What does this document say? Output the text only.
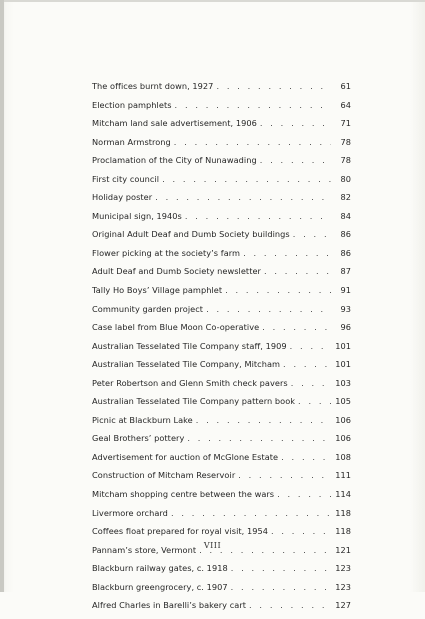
The offices burnt down, 1927 . . .	61
Election pamphlets . . .	64
Mitcham land sale advertisement, 1906 . . .	71
Norman Armstrong . . .	78
Proclamation of the City of Nunawading . . .	78
First city council . . .	80
Holiday poster . . .	82
Municipal sign, 1940s . . .	84
Original Adult Deaf and Dumb Society buildings . . .	86
Flower picking at the society’s farm . . .	86
Adult Deaf and Dumb Society newsletter . . .	87
Tally Ho Boys’ Village pamphlet . . .	91
Community garden project . . .	93
Case label from Blue Moon Co-operative . . .	96
Australian Tesselated Tile Company staff, 1909 . . .	101
Australian Tesselated Tile Company, Mitcham . . .	101
Peter Robertson and Glenn Smith check pavers . . .	103
Australian Tesselated Tile Company pattern book . . .	105
Picnic at Blackburn Lake . . .	106
Geal Brothers’ pottery . . .	106
Advertisement for auction of McGlone Estate . . .	108
Construction of Mitcham Reservoir . . .	111
Mitcham shopping centre between the wars . . .	114
Livermore orchard . . .	118
Coffees float prepared for royal visit, 1954 . . .	118
Pannam’s store, Vermont . . .	121
Blackburn railway gates, c. 1918 . . .	123
Blackburn greengrocery, c. 1907 . . .	123
Alfred Charles in Barelli’s bakery cart . . .	127
VIII
